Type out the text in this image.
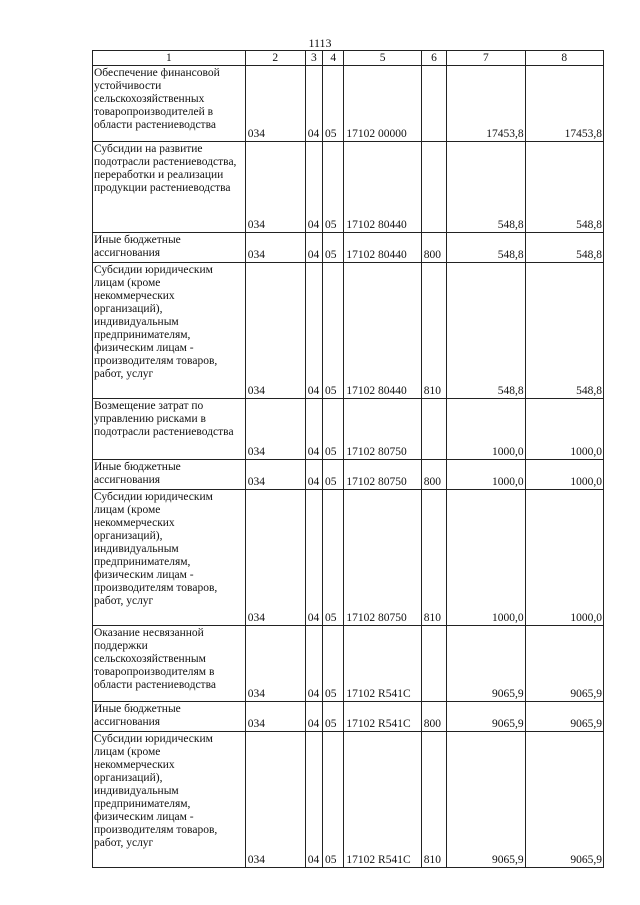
1113
1	2	3	4	5	6	7	8
Обеспечение финансовой устойчивости сельскохозяйственных товаропроизводителей в области растениеводства	034	04	05	17102 00000		17453,8	17453,8
Субсидии на развитие подотрасли растениеводства, переработки и реализации продукции растениеводства	034	04	05	17102 80440		548,8	548,8
Иные бюджетные ассигнования	034	04	05	17102 80440	800	548,8	548,8
Субсидии юридическим лицам (кроме некоммерческих организаций), индивидуальным предпринимателям, физическим лицам - производителям товаров, работ, услуг	034	04	05	17102 80440	810	548,8	548,8
Возмещение затрат по управлению рисками в подотрасли растениеводства	034	04	05	17102 80750		1000,0	1000,0
Иные бюджетные ассигнования	034	04	05	17102 80750	800	1000,0	1000,0
Субсидии юридическим лицам (кроме некоммерческих организаций), индивидуальным предпринимателям, физическим лицам - производителям товаров, работ, услуг	034	04	05	17102 80750	810	1000,0	1000,0
Оказание несвязанной поддержки сельскохозяйственным товаропроизводителям в области растениеводства	034	04	05	17102 R541С		9065,9	9065,9
Иные бюджетные ассигнования	034	04	05	17102 R541С	800	9065,9	9065,9
Субсидии юридическим лицам (кроме некоммерческих организаций), индивидуальным предпринимателям, физическим лицам - производителям товаров, работ, услуг	034	04	05	17102 R541С	810	9065,9	9065,9
